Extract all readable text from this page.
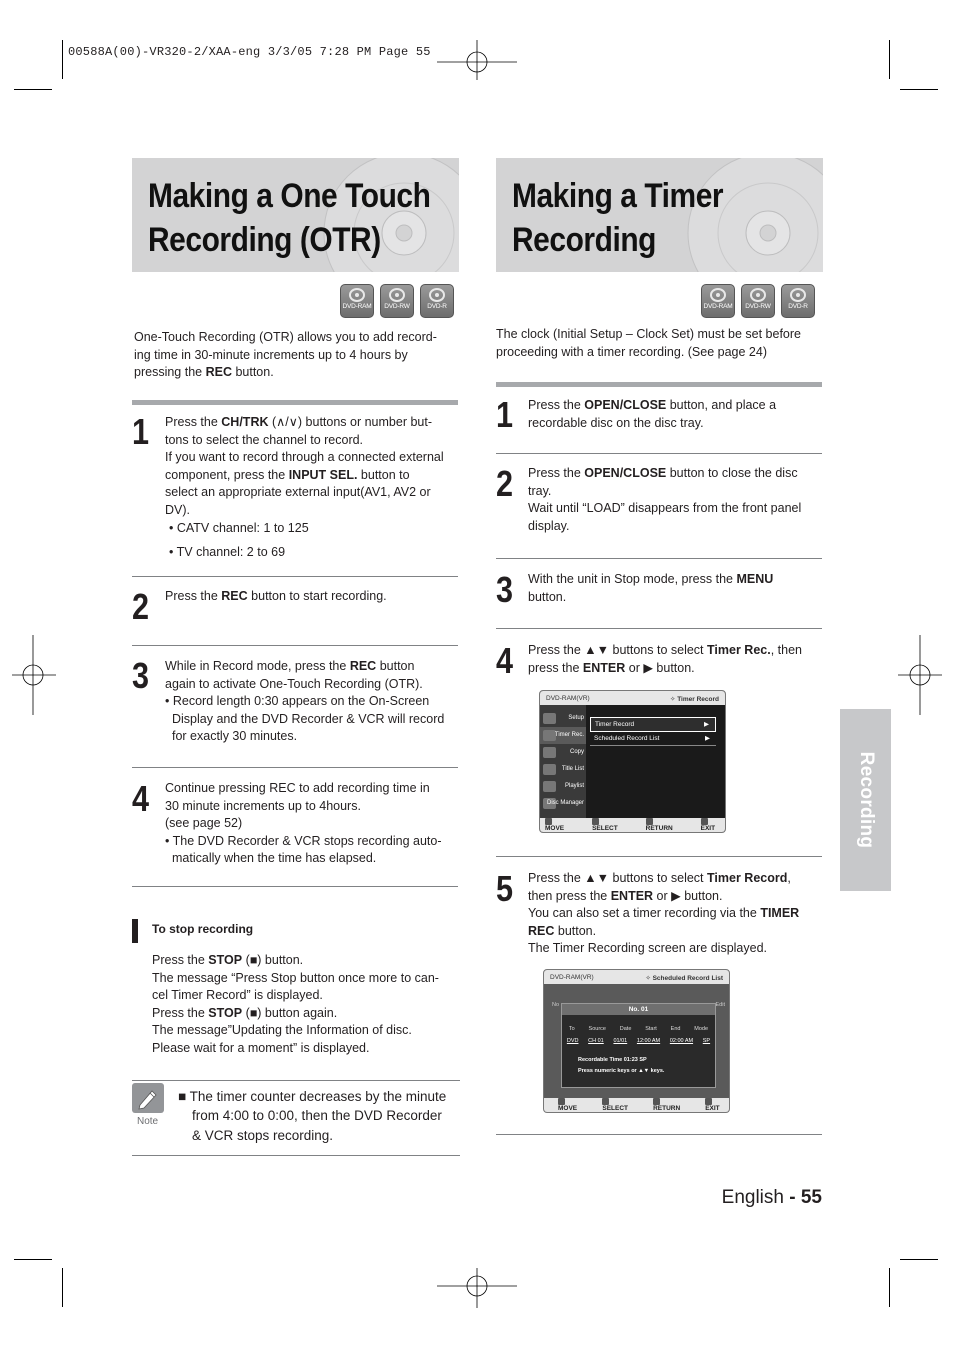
00588A(00)-VR320-2/XAA-eng 3/3/05 7:28 PM Page 55
Making a One Touch
Recording (OTR)
Making a Timer
Recording
DVD-RAM DVD-RW	DVD-R	DVD-RAM DVD-RW	DVD-R
One-Touch Recording (OTR) allows you to add record-
ing time in 30-minute increments up to 4 hours by
pressing the REC button.
1 Press the CH/TRK (∧/∨) buttons or number but-

tons to select the channel to record.

If you want to record through a connected external

component, press the INPUT SEL. button to

select an appropriate external input(AV1, AV2 or

DV).

• CATV channel: 1 to 125

• TV channel: 2 to 69

2 Press the REC button to start recording.

3 While in Record mode, press the REC button

again to activate One-Touch Recording (OTR).

• Record length 0:30 appears on the On-Screen

Display and the DVD Recorder & VCR will record

for exactly 30 minutes.

4 Continue pressing REC to add recording time in

30 minute increments up to 4hours.

(see page 52)

• The DVD Recorder & VCR stops recording auto-

matically when the time has elapsed.

To stop recording

Press the STOP (■) button.

The message “Press Stop button once more to can-

cel Timer Record” is displayed.

Press the STOP (■) button again.

The message”Updating the Information of disc.

Please wait for a moment” is displayed.

Note

■ The timer counter decreases by the minute

from 4:00 to 0:00, then the DVD Recorder

& VCR stops recording.

The clock (Initial Setup – Clock Set) must be set before
proceeding with a timer recording. (See page 24)
1 Press the OPEN/CLOSE button, and place a

recordable disc on the disc tray.

2 Press the OPEN/CLOSE button to close the disc

tray.

Wait until “LOAD” disappears from the front panel

display.

3 With the unit in Stop mode, press the MENU

button.

4 Press the ▲▼ buttons to select Timer Rec., then

press the ENTER or ▶ button.

DVD-RAM(VR)	✧ Timer Record
Setup
Timer Rec.
Copy
Title List
Playlist
Disc Manager
Timer Record	▶
Scheduled Record List	▶
MOVE	SELECT	RETURN	EXIT
5 Press the ▲▼ buttons to select Timer Record,

then press the ENTER or ▶ button.

You can also set a timer recording via the TIMER

REC button.

The Timer Recording screen are displayed.

DVD-RAM(VR)	✧ Scheduled Record List
No	Edit
No. 01
To	Source	Date	Start	End	Mode
DVD CH 01 01/01 12:00 AM 02:00 AM SP
Recordable Time 01:23 SP
Press numeric keys or ▲▼ keys.
MOVE	SELECT	RETURN	EXIT
Recording
English - 55
